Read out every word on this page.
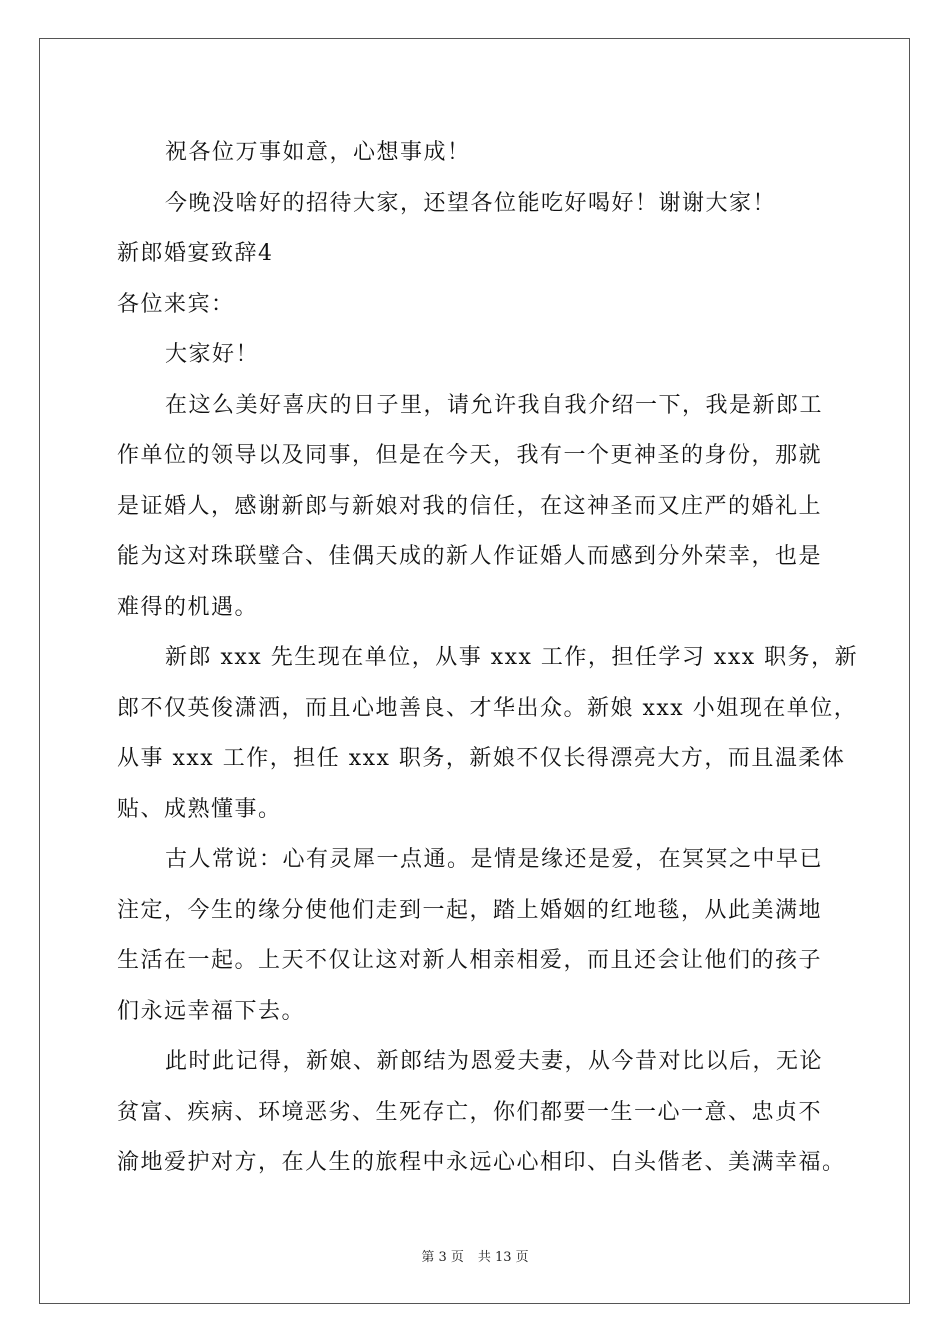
祝各位万事如意，心想事成！
今晚没啥好的招待大家，还望各位能吃好喝好！谢谢大家！
新郎婚宴致辞4
各位来宾：
大家好！
在这么美好喜庆的日子里，请允许我自我介绍一下，我是新郎工
作单位的领导以及同事，但是在今天，我有一个更神圣的身份，那就
是证婚人，感谢新郎与新娘对我的信任，在这神圣而又庄严的婚礼上
能为这对珠联璧合、佳偶天成的新人作证婚人而感到分外荣幸，也是
难得的机遇。
新郎 xxx 先生现在单位，从事 xxx 工作，担任学习 xxx 职务，新
郎不仅英俊潇洒，而且心地善良、才华出众。新娘 xxx 小姐现在单位，
从事 xxx 工作，担任 xxx 职务，新娘不仅长得漂亮大方，而且温柔体
贴、成熟懂事。
古人常说：心有灵犀一点通。是情是缘还是爱，在冥冥之中早已
注定，今生的缘分使他们走到一起，踏上婚姻的红地毯，从此美满地
生活在一起。上天不仅让这对新人相亲相爱，而且还会让他们的孩子
们永远幸福下去。
此时此记得，新娘、新郎结为恩爱夫妻，从今昔对比以后，无论
贫富、疾病、环境恶劣、生死存亡，你们都要一生一心一意、忠贞不
渝地爱护对方，在人生的旅程中永远心心相印、白头偕老、美满幸福。
第 3 页 共 13 页
